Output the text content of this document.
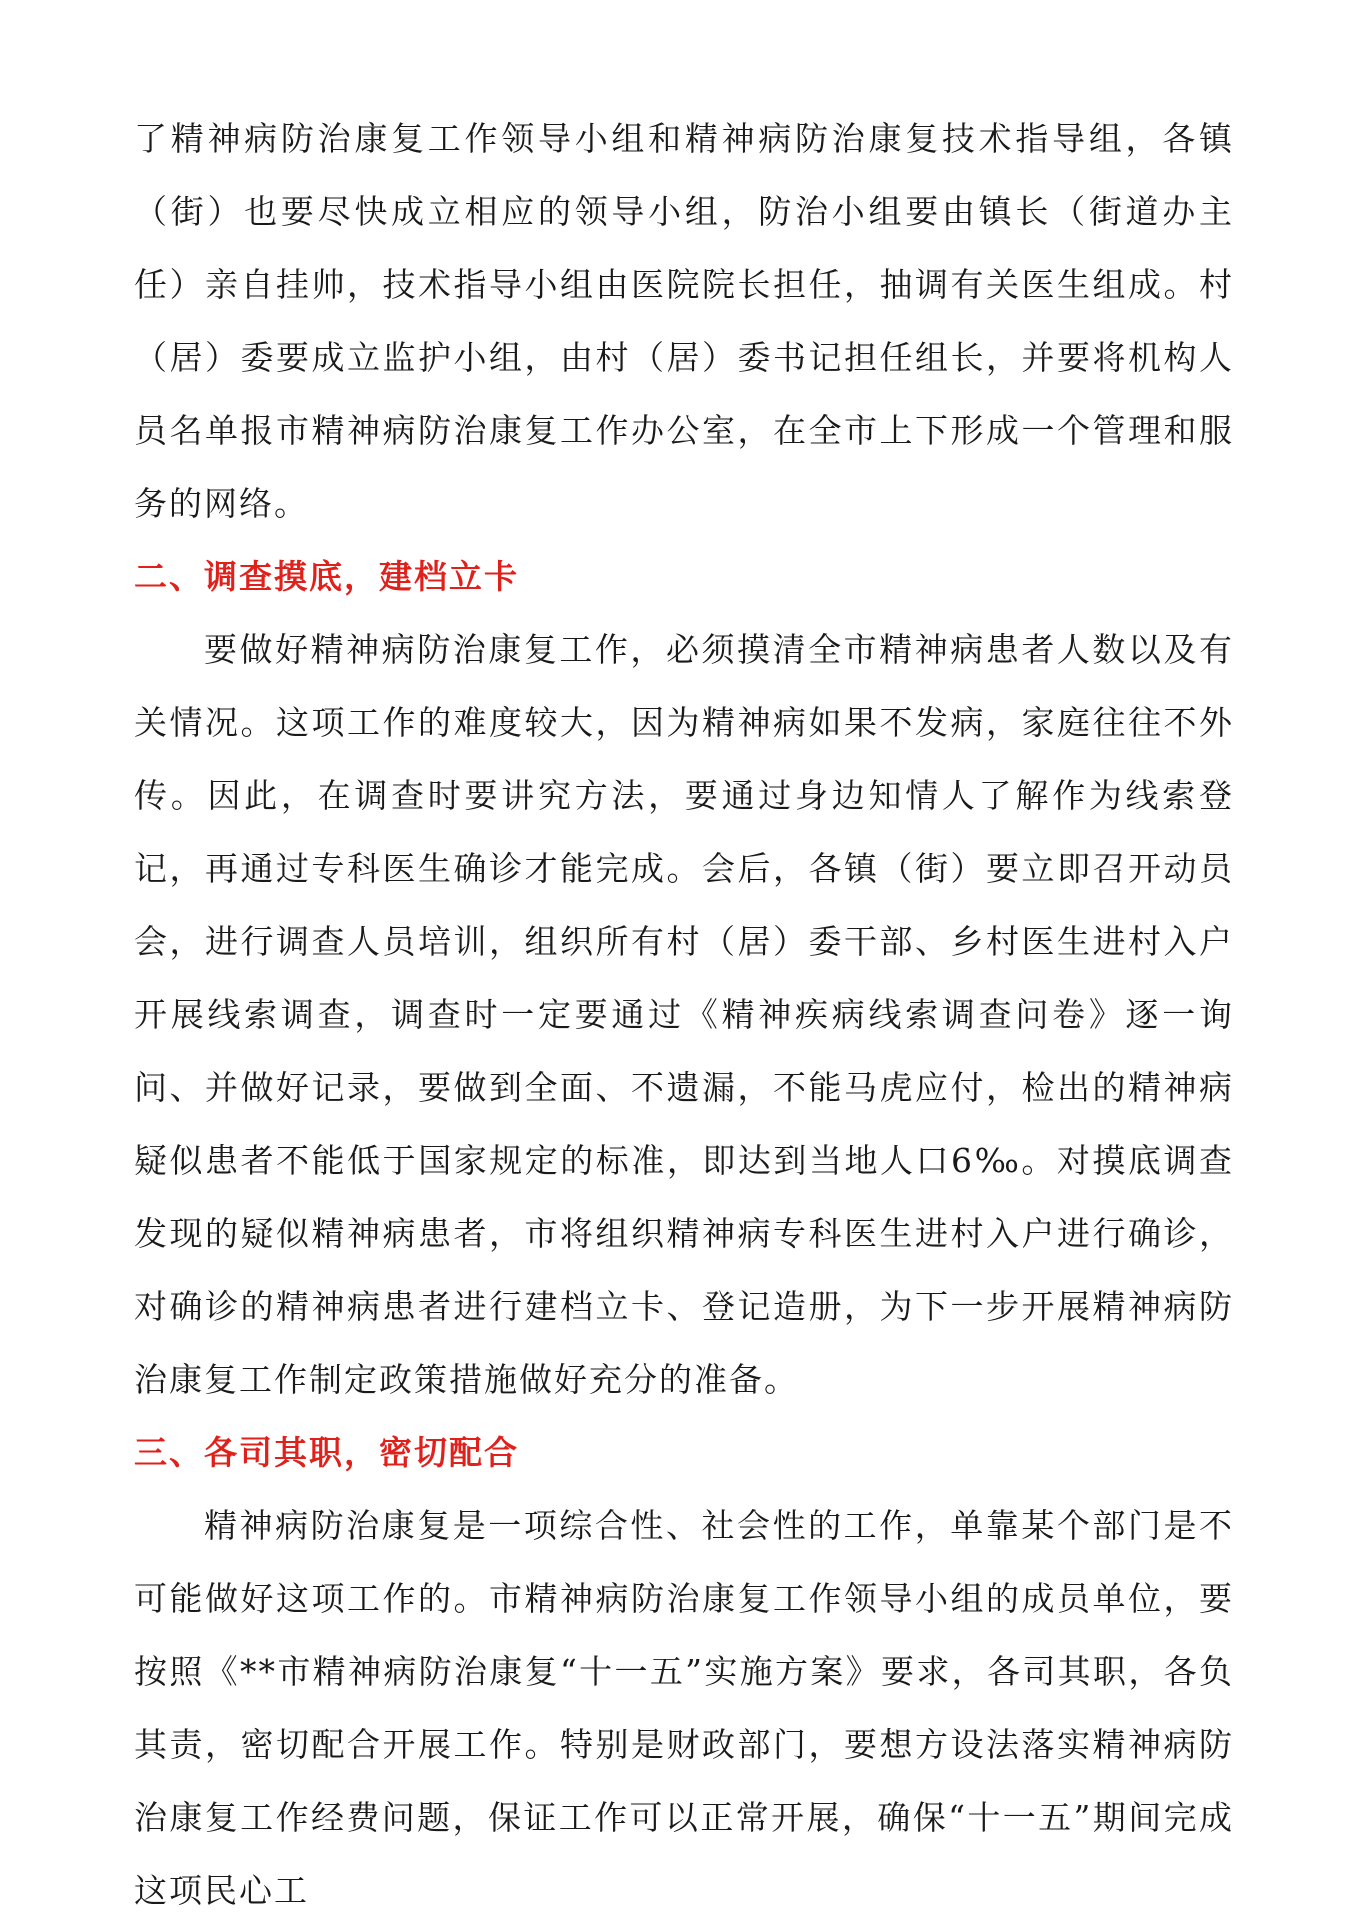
了精神病防治康复工作领导小组和精神病防治康复技术指导组，各镇（街）也要尽快成立相应的领导小组，防治小组要由镇长（街道办主任）亲自挂帅，技术指导小组由医院院长担任，抽调有关医生组成。村（居）委要成立监护小组，由村（居）委书记担任组长，并要将机构人员名单报市精神病防治康复工作办公室，在全市上下形成一个管理和服务的网络。

二、调查摸底，建档立卡

要做好精神病防治康复工作，必须摸清全市精神病患者人数以及有关情况。这项工作的难度较大，因为精神病如果不发病，家庭往往不外传。因此，在调查时要讲究方法，要通过身边知情人了解作为线索登记，再通过专科医生确诊才能完成。会后，各镇（街）要立即召开动员会，进行调查人员培训，组织所有村（居）委干部、乡村医生进村入户开展线索调查，调查时一定要通过《精神疾病线索调查问卷》逐一询问、并做好记录，要做到全面、不遗漏，不能马虎应付，检出的精神病疑似患者不能低于国家规定的标准，即达到当地人口6‰。对摸底调查发现的疑似精神病患者，市将组织精神病专科医生进村入户进行确诊，对确诊的精神病患者进行建档立卡、登记造册，为下一步开展精神病防治康复工作制定政策措施做好充分的准备。

三、各司其职，密切配合

精神病防治康复是一项综合性、社会性的工作，单靠某个部门是不可能做好这项工作的。市精神病防治康复工作领导小组的成员单位，要按照《**市精神病防治康复“十一五”实施方案》要求，各司其职，各负其责，密切配合开展工作。特别是财政部门，要想方设法落实精神病防治康复工作经费问题，保证工作可以正常开展，确保“十一五”期间完成这项民心工
